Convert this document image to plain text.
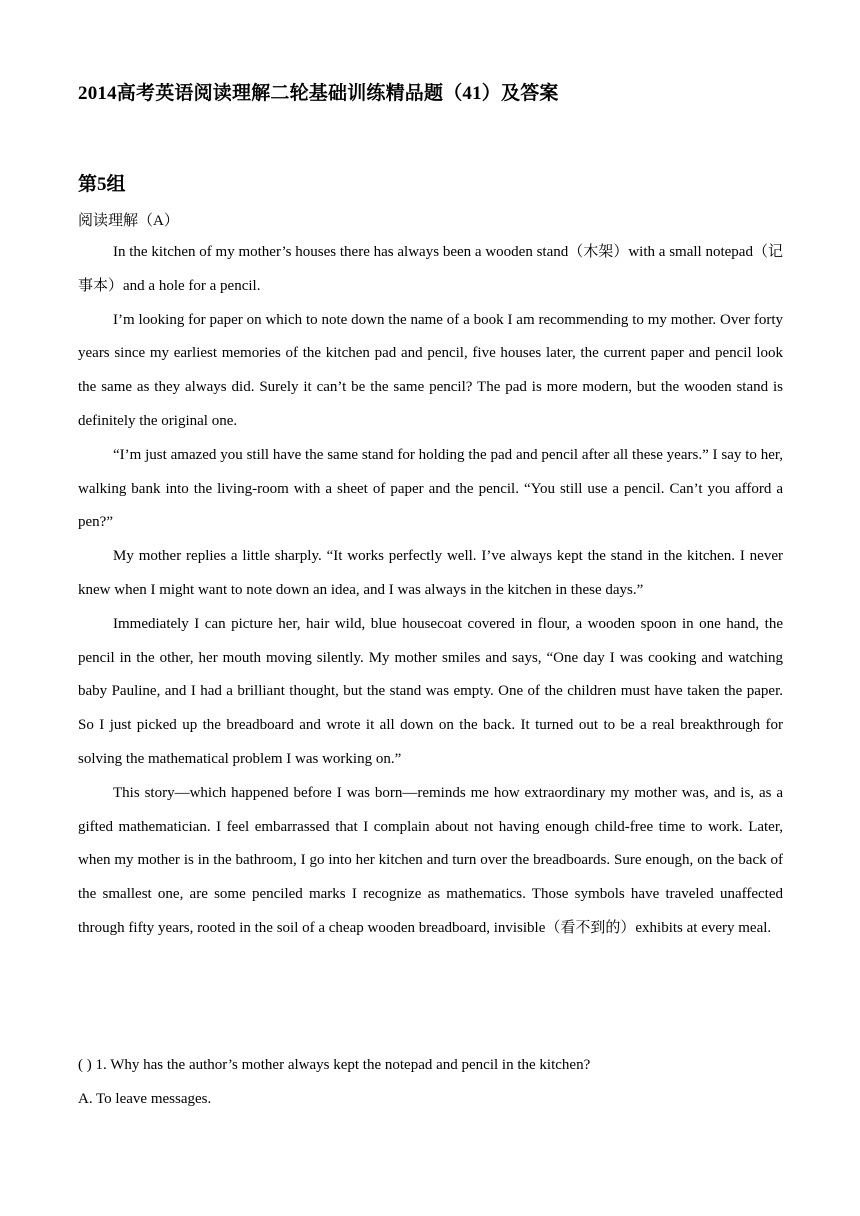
2014高考英语阅读理解二轮基础训练精品题（41）及答案
第5组
阅读理解（A）

In the kitchen of my mother’s houses there has always been a wooden stand（木架）with a small notepad（记事本）and a hole for a pencil.

I’m looking for paper on which to note down the name of a book I am recommending to my mother. Over forty years since my earliest memories of the kitchen pad and pencil, five houses later, the current paper and pencil look the same as they always did. Surely it can’t be the same pencil? The pad is more modern, but the wooden stand is definitely the original one.

“I’m just amazed you still have the same stand for holding the pad and pencil after all these years.” I say to her, walking bank into the living-room with a sheet of paper and the pencil. “You still use a pencil. Can’t you afford a pen?”

My mother replies a little sharply. “It works perfectly well. I’ve always kept the stand in the kitchen. I never knew when I might want to note down an idea, and I was always in the kitchen in these days.”

Immediately I can picture her, hair wild, blue housecoat covered in flour, a wooden spoon in one hand, the pencil in the other, her mouth moving silently. My mother smiles and says, “One day I was cooking and watching baby Pauline, and I had a brilliant thought, but the stand was empty. One of the children must have taken the paper. So I just picked up the breadboard and wrote it all down on the back. It turned out to be a real breakthrough for solving the mathematical problem I was working on.”

This story—which happened before I was born—reminds me how extraordinary my mother was, and is, as a gifted mathematician. I feel embarrassed that I complain about not having enough child-free time to work. Later, when my mother is in the bathroom, I go into her kitchen and turn over the breadboards. Sure enough, on the back of the smallest one, are some penciled marks I recognize as mathematics. Those symbols have traveled unaffected through fifty years, rooted in the soil of a cheap wooden breadboard, invisible（看不到的）exhibits at every meal.

( ) 1. Why has the author’s mother always kept the notepad and pencil in the kitchen?
A. To leave messages.
